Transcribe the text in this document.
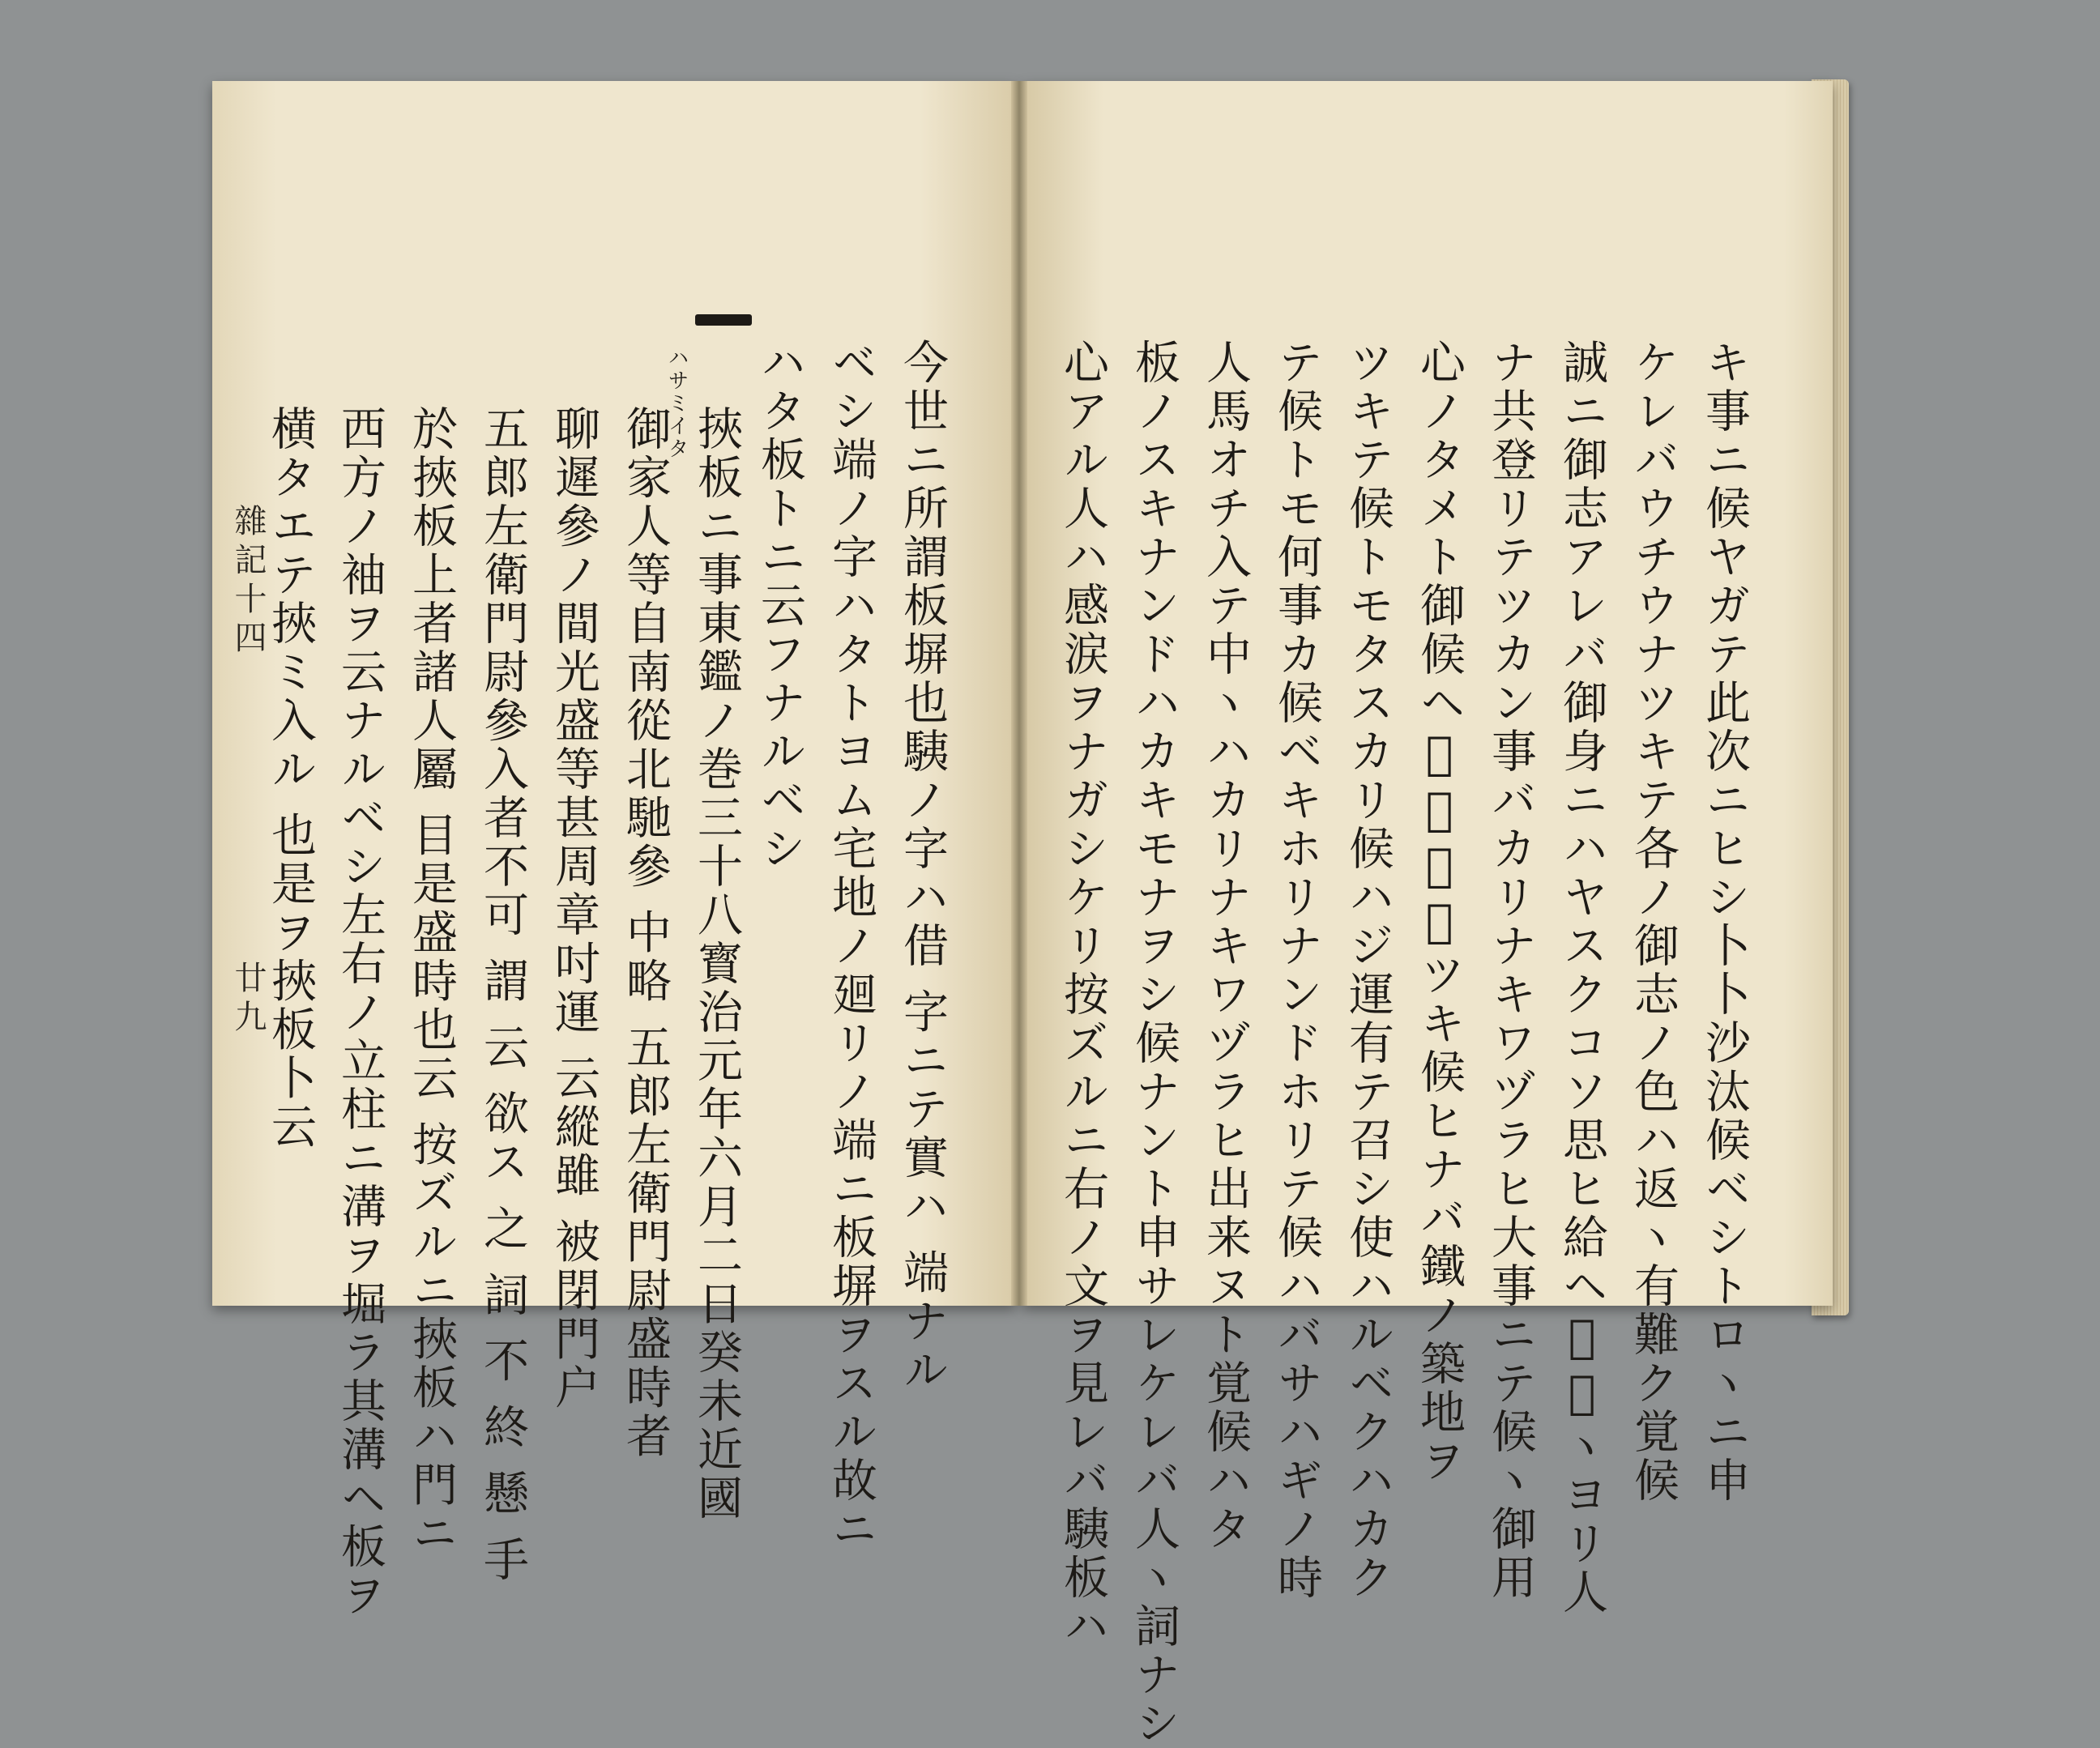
キ事ニ候ヤガテ此次ニヒシ卜卜沙汰候ベシトロヽニ申
ケレバウチウナツキテ各ノ御志ノ色ハ返ヽ有難ク覚候
誠ニ御志アレバ御身ニハヤスクコソ思ヒ給ヘ𪜈國ヽヨリ人
ナ共登リテツカン事バカリナキワヅラヒ大事ニテ候ヽ御用
心ノタメト御候ヘ𪜈泰時運ツキ候ヒナバ鐵ノ築地ヲ
ツキテ候トモタスカリ候ハジ運有テ召シ使ハルベクハカク
テ候トモ何事カ候ベキホリナンドホリテ候ハバサハギノ時
人馬オチ入テ中ヽハカリナキワヅラヒ出来ヌト覚候ハタ
板ノスキナンドハカキモナヲシ候ナント申サレケレバ人ヽ詞ナシ
心アル人ハ感涙ヲナガシケリ按ズルニ右ノ文ヲ見レバ䮊板ハ
今世ニ所謂板塀也䮊ノ字ハ借 字ニテ實ハ 端ナル
ベシ端ノ字ハタトヨム宅地ノ廻リノ端ニ板塀ヲスル故ニ
ハタ板トニ云フナルベシ
ハサミイタ
挾板ニ事東鑑ノ巻三十八寳治元年六月二日癸未近國
御家人等自南從北馳參 中略 五郎左衛門尉盛時者
聊遲參ノ間光盛等甚周章吋運 云縱雖 被閉門户
五郎左衛門尉參入者不可 謂 云 欲ス 之 詞 不 終 懸 手
於挾板上者諸人屬 目是盛時也云 按ズルニ挾板ハ門ニ
西方ノ袖ヲ云ナルベシ左右ノ立柱ニ溝ヲ堀ラ其溝ヘ板ヲ
横タエテ挾ミ入ル 也是ヲ挾板卜云
雜記十四
廿九
